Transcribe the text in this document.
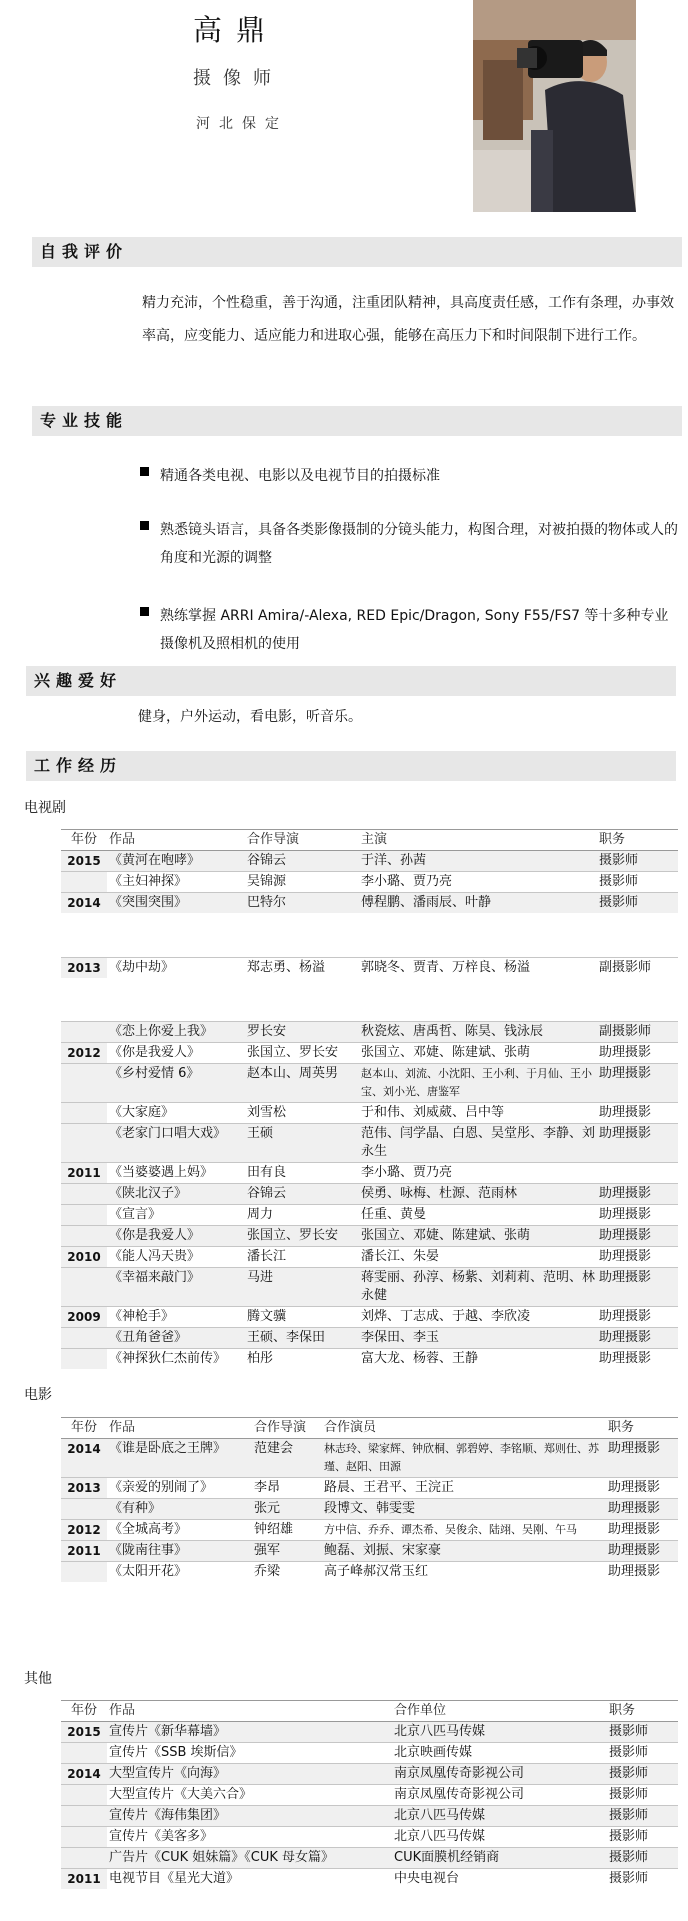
高鼎
摄像师
河北保定
自我评价
精力充沛，个性稳重，善于沟通，注重团队精神，具高度责任感，工作有条理，办事效率高，应变能力、适应能力和进取心强，能够在高压力下和时间限制下进行工作。
专业技能
精通各类电视、电影以及电视节目的拍摄标准
熟悉镜头语言，具备各类影像摄制的分镜头能力，构图合理，对被拍摄的物体或人的角度和光源的调整
熟练掌握 ARRI Amira/-Alexa, RED Epic/Dragon, Sony F55/FS7 等十多种专业摄像机及照相机的使用
兴趣爱好
健身，户外运动，看电影，听音乐。
工作经历
电视剧
年份	作品	合作导演	主演	职务
2015	《黄河在咆哮》	谷锦云	于洋、孙茜	摄影师
	《主妇神探》	吴锦源	李小璐、贾乃亮	摄影师
2014	《突围突围》	巴特尔	傅程鹏、潘雨辰、叶静	摄影师

2013	《劫中劫》	郑志勇、杨溢	郭晓冬、贾青、万梓良、杨溢	副摄影师

	《恋上你爱上我》	罗长安	秋瓷炫、唐禹哲、陈昊、钱泳辰	副摄影师
2012	《你是我爱人》	张国立、罗长安	张国立、邓婕、陈建斌、张萌	助理摄影
	《乡村爱情 6》	赵本山、周英男	赵本山、刘流、小沈阳、王小利、于月仙、王小宝、刘小光、唐鉴军	助理摄影
	《大家庭》	刘雪松	于和伟、刘威葳、吕中等	助理摄影
	《老家门口唱大戏》	王硕	范伟、闫学晶、白恩、吴堂彤、李静、刘永生	助理摄影
2011	《当婆婆遇上妈》	田有良	李小璐、贾乃亮	
	《陕北汉子》	谷锦云	侯勇、咏梅、杜源、范雨林	助理摄影
	《宣言》	周力	任重、黄曼	助理摄影
	《你是我爱人》	张国立、罗长安	张国立、邓婕、陈建斌、张萌	助理摄影
2010	《能人冯天贵》	潘长江	潘长江、朱晏	助理摄影
	《幸福来敲门》	马进	蒋雯丽、孙淳、杨紫、刘莉莉、范明、林永健	助理摄影
2009	《神枪手》	腾文骥	刘烨、丁志成、于越、李欣凌	助理摄影
	《丑角爸爸》	王硕、李保田	李保田、李玉	助理摄影
	《神探狄仁杰前传》	柏彤	富大龙、杨蓉、王静	助理摄影
电影
年份	作品	合作导演	合作演员	职务
2014	《谁是卧底之王牌》	范建会	林志玲、梁家辉、钟欣桐、郭碧婷、李铭顺、郑则仕、苏瑾、赵阳、田源	助理摄影
2013	《亲爱的别闹了》	李昂	路晨、王君平、王浣正	助理摄影
	《有种》	张元	段博文、韩雯雯	助理摄影
2012	《全城高考》	钟绍雄	方中信、乔乔、谭杰希、吴俊余、陆翊、吴刚、午马	助理摄影
2011	《陇南往事》	强军	鲍磊、刘振、宋家豪	助理摄影
	《太阳开花》	乔梁	高子峰郝汉常玉红	助理摄影
其他
年份	作品	合作单位	职务
2015	宣传片《新华幕墙》	北京八匹马传媒	摄影师
	宣传片《SSB 埃斯信》	北京映画传媒	摄影师
2014	大型宣传片《向海》	南京凤凰传奇影视公司	摄影师
	大型宣传片《大美六合》	南京凤凰传奇影视公司	摄影师
	宣传片《海伟集团》	北京八匹马传媒	摄影师
	宣传片《美客多》	北京八匹马传媒	摄影师
	广告片《CUK 姐妹篇》《CUK 母女篇》	CUK面膜机经销商	摄影师
2011	电视节目《星光大道》	中央电视台	摄影师
